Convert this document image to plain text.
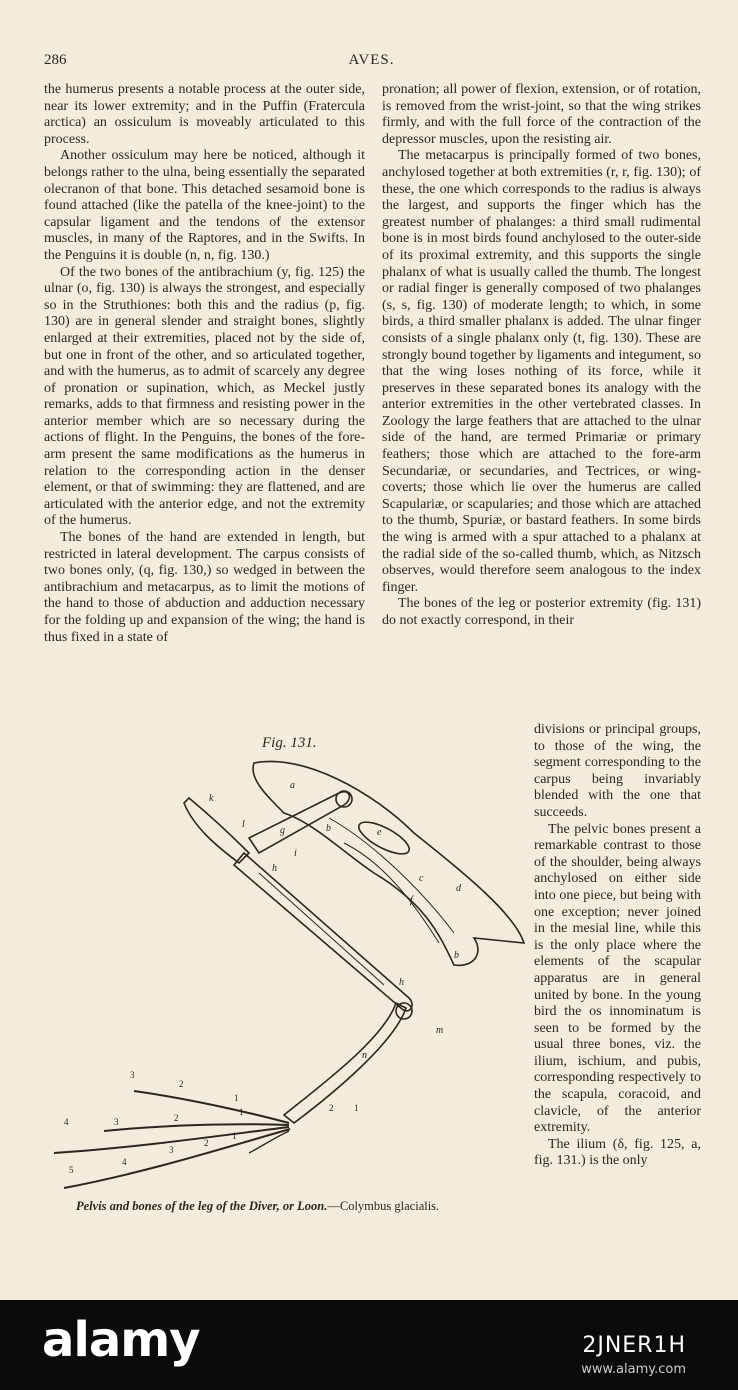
286	AVES.

the humerus presents a notable process at the outer side, near its lower extremity; and in the Puffin (Fratercula arctica) an ossiculum is moveably articulated to this process.

Another ossiculum may here be noticed, although it belongs rather to the ulna, being essentially the separated olecranon of that bone. This detached sesamoid bone is found attached (like the patella of the knee-joint) to the capsular ligament and the tendons of the extensor muscles, in many of the Raptores, and in the Swifts. In the Penguins it is double (n, n, fig. 130.)

Of the two bones of the antibrachium (y, fig. 125) the ulnar (o, fig. 130) is always the strongest, and especially so in the Struthiones: both this and the radius (p, fig. 130) are in general slender and straight bones, slightly enlarged at their extremities, placed not by the side of, but one in front of the other, and so articulated together, and with the humerus, as to admit of scarcely any degree of pronation or supination, which, as Meckel justly remarks, adds to that firmness and resisting power in the anterior member which are so necessary during the actions of flight. In the Penguins, the bones of the fore-arm present the same modifications as the humerus in relation to the corresponding action in the denser element, or that of swimming: they are flattened, and are articulated with the anterior edge, and not the extremity of the humerus.

The bones of the hand are extended in length, but restricted in lateral development. The carpus consists of two bones only, (q, fig. 130,) so wedged in between the antibrachium and metacarpus, as to limit the motions of the hand to those of abduction and adduction necessary for the folding up and expansion of the wing; the hand is thus fixed in a state of

pronation; all power of flexion, extension, or of rotation, is removed from the wrist-joint, so that the wing strikes firmly, and with the full force of the contraction of the depressor muscles, upon the resisting air.

The metacarpus is principally formed of two bones, anchylosed together at both extremities (r, r, fig. 130); of these, the one which corresponds to the radius is always the largest, and supports the finger which has the greatest number of phalanges: a third small rudimental bone is in most birds found anchylosed to the outer-side of its proximal extremity, and this supports the single phalanx of what is usually called the thumb. The longest or radial finger is generally composed of two phalanges (s, s, fig. 130) of moderate length; to which, in some birds, a third smaller phalanx is added. The ulnar finger consists of a single phalanx only (t, fig. 130). These are strongly bound together by ligaments and integument, so that the wing loses nothing of its force, while it preserves in these separated bones its analogy with the anterior extremities in the other vertebrated classes. In Zoology the large feathers that are attached to the ulnar side of the hand, are termed Primariæ or primary feathers; those which are attached to the fore-arm Secundariæ, or secundaries, and Tectrices, or wing-coverts; those which lie over the humerus are called Scapulariæ, or scapularies; and those which are attached to the thumb, Spuriæ, or bastard feathers. In some birds the wing is armed with a spur attached to a phalanx at the radial side of the so-called thumb, which, as Nitzsch observes, would therefore seem analogous to the index finger.

The bones of the leg or posterior extremity (fig. 131) do not exactly correspond, in their

Fig. 131.
a
b
b	e
c
d
f
g
h
i
k
l
m
n
h
3
2
1
4	3	2
1	2 1
5
4
3
2
1
Pelvis and bones of the leg of the Diver, or Loon.—Colymbus glacialis.

divisions or principal groups, to those of the wing, the segment corresponding to the carpus being invariably blended with the one that succeeds.

The pelvic bones present a remarkable contrast to those of the shoulder, being always anchylosed on either side into one piece, but being with one exception; never joined in the mesial line, while this is the only place where the elements of the scapular apparatus are in general united by bone. In the young bird the os innominatum is seen to be formed by the usual three bones, viz. the ilium, ischium, and pubis, corresponding respectively to the scapula, coracoid, and clavicle, of the anterior extremity.

The ilium (δ, fig. 125, a, fig. 131.) is the only

alamy	2JNER1H
www.alamy.com
